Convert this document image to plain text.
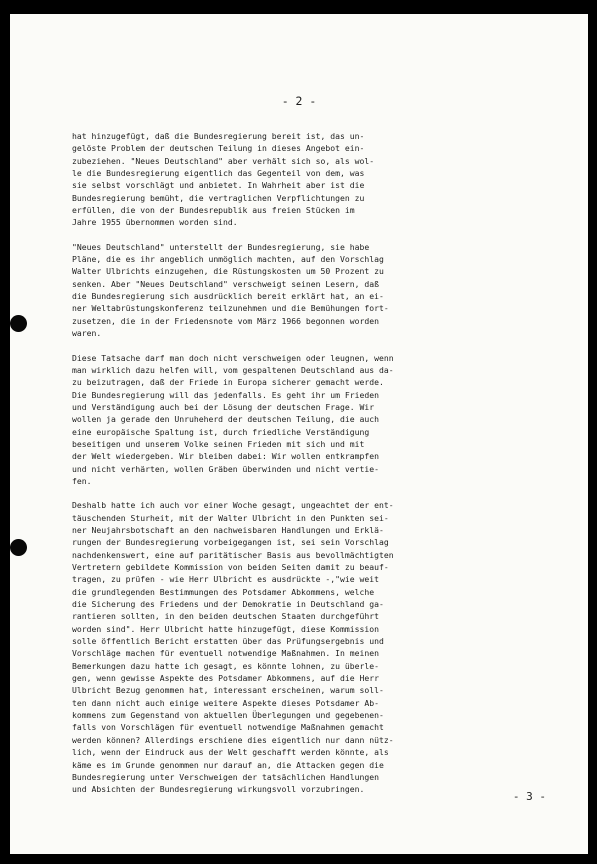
- 2 -
hat hinzugefügt, daß die Bundesregierung bereit ist, das un-
gelöste Problem der deutschen Teilung in dieses Angebot ein-
zubeziehen. "Neues Deutschland" aber verhält sich so, als wol-
le die Bundesregierung eigentlich das Gegenteil von dem, was
sie selbst vorschlägt und anbietet. In Wahrheit aber ist die
Bundesregierung bemüht, die vertraglichen Verpflichtungen zu
erfüllen, die von der Bundesrepublik aus freien Stücken im
Jahre 1955 übernommen worden sind.
"Neues Deutschland" unterstellt der Bundesregierung, sie habe
Pläne, die es ihr angeblich unmöglich machten, auf den Vorschlag
Walter Ulbrichts einzugehen, die Rüstungskosten um 50 Prozent zu
senken. Aber "Neues Deutschland" verschweigt seinen Lesern, daß
die Bundesregierung sich ausdrücklich bereit erklärt hat, an ei-
ner Weltabrüstungskonferenz teilzunehmen und die Bemühungen fort-
zusetzen, die in der Friedensnote vom März 1966 begonnen worden
waren.
Diese Tatsache darf man doch nicht verschweigen oder leugnen, wenn
man wirklich dazu helfen will, vom gespaltenen Deutschland aus da-
zu beizutragen, daß der Friede in Europa sicherer gemacht werde.
Die Bundesregierung will das jedenfalls. Es geht ihr um Frieden
und Verständigung auch bei der Lösung der deutschen Frage. Wir
wollen ja gerade den Unruheherd der deutschen Teilung, die auch
eine europäische Spaltung ist, durch friedliche Verständigung
beseitigen und unserem Volke seinen Frieden mit sich und mit
der Welt wiedergeben. Wir bleiben dabei: Wir wollen entkrampfen
und nicht verhärten, wollen Gräben überwinden und nicht vertie-
fen.
Deshalb hatte ich auch vor einer Woche gesagt, ungeachtet der ent-
täuschenden Sturheit, mit der Walter Ulbricht in den Punkten sei-
ner Neujahrsbotschaft an den nachweisbaren Handlungen und Erklä-
rungen der Bundesregierung vorbeigegangen ist, sei sein Vorschlag
nachdenkenswert, eine auf paritätischer Basis aus bevollmächtigten
Vertretern gebildete Kommission von beiden Seiten damit zu beauf-
tragen, zu prüfen - wie Herr Ulbricht es ausdrückte -,"wie weit
die grundlegenden Bestimmungen des Potsdamer Abkommens, welche
die Sicherung des Friedens und der Demokratie in Deutschland ga-
rantieren sollten, in den beiden deutschen Staaten durchgeführt
worden sind". Herr Ulbricht hatte hinzugefügt, diese Kommission
solle öffentlich Bericht erstatten über das Prüfungsergebnis und
Vorschläge machen für eventuell notwendige Maßnahmen. In meinen
Bemerkungen dazu hatte ich gesagt, es könnte lohnen, zu überle-
gen, wenn gewisse Aspekte des Potsdamer Abkommens, auf die Herr
Ulbricht Bezug genommen hat, interessant erscheinen, warum soll-
ten dann nicht auch einige weitere Aspekte dieses Potsdamer Ab-
kommens zum Gegenstand von aktuellen Überlegungen und gegebenen-
falls von Vorschlägen für eventuell notwendige Maßnahmen gemacht
werden können? Allerdings erschiene dies eigentlich nur dann nütz-
lich, wenn der Eindruck aus der Welt geschafft werden könnte, als
käme es im Grunde genommen nur darauf an, die Attacken gegen die
Bundesregierung unter Verschweigen der tatsächlichen Handlungen
und Absichten der Bundesregierung wirkungsvoll vorzubringen.
- 3 -
